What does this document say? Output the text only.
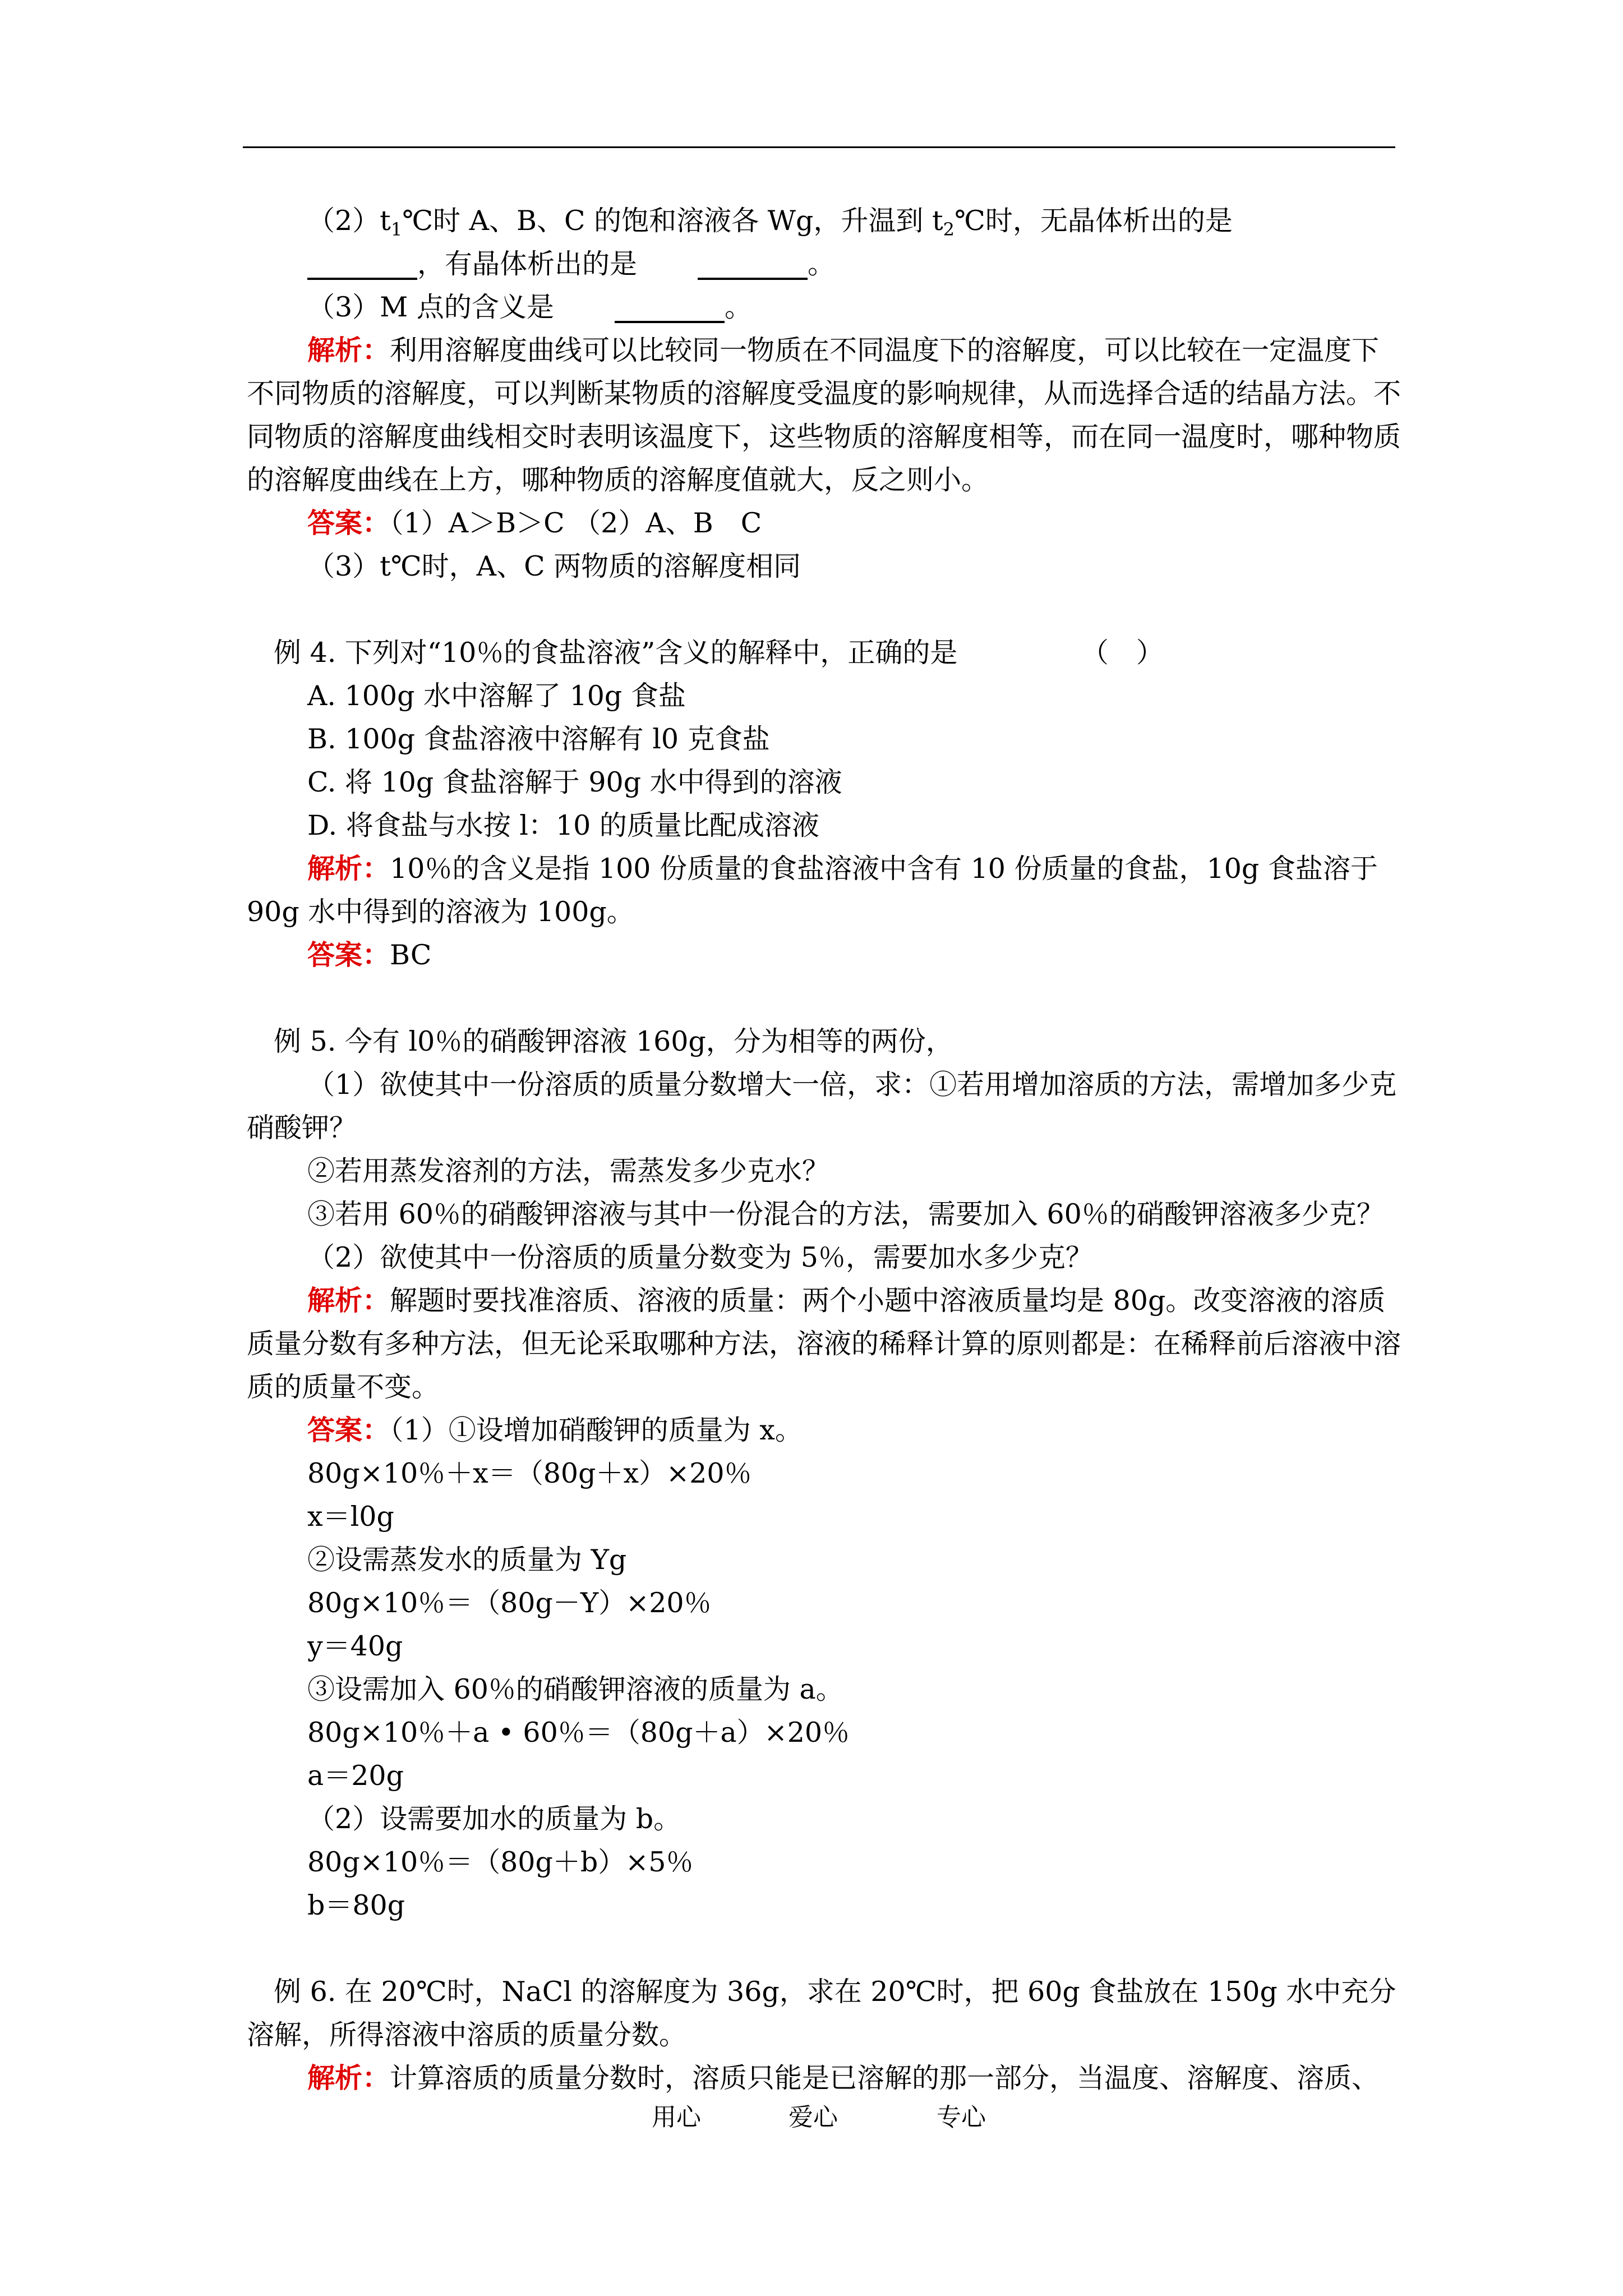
$(2)t_1℃$时 A、B、C 的饱和溶液各 Wg，升温到 $t_2℃$时，无晶体析出的是________，有晶体析出的是 ________。

（3）M 点的含义是 ________。

解析：利用溶解度曲线可以比较同一物质在不同温度下的溶解度，可以比较在一定温度下不同物质的溶解度，可以判断某物质的溶解度受温度的影响规律，从而选择合适的结晶方法。不同物质的溶解度曲线相交时表明该温度下，这些物质的溶解度相等，而在同一温度时，哪种物质的溶解度曲线在上方，哪种物质的溶解度值就大，反之则小。

答案：（1）A＞B＞C （2）A、B　C

（3）t℃时，A、C 两物质的溶解度相同

例 4. 下列对“10％的食盐溶液”含义的解释中，正确的是　　　　　（　）

A. 100g 水中溶解了 10g 食盐

B. 100g 食盐溶液中溶解有 l0 克食盐

C. 将 10g 食盐溶解于 90g 水中得到的溶液

D. 将食盐与水按 l：10 的质量比配成溶液

解析：10％的含义是指 100 份质量的食盐溶液中含有 10 份质量的食盐，10g 食盐溶于 90g 水中得到的溶液为 100g。

答案：BC

例 5. 今有 l0％的硝酸钾溶液 160g，分为相等的两份，

（1）欲使其中一份溶质的质量分数增大一倍，求：①若用增加溶质的方法，需增加多少克硝酸钾？

②若用蒸发溶剂的方法，需蒸发多少克水？

③若用 60％的硝酸钾溶液与其中一份混合的方法，需要加入 60％的硝酸钾溶液多少克？

（2）欲使其中一份溶质的质量分数变为 5％，需要加水多少克？

解析：解题时要找准溶质、溶液的质量：两个小题中溶液质量均是 80g。改变溶液的溶质质量分数有多种方法，但无论采取哪种方法，溶液的稀释计算的原则都是：在稀释前后溶液中溶质的质量不变。

答案：（1）①设增加硝酸钾的质量为 x。

80g×10％＋x＝（80g＋x）×20％

x＝l0g

②设需蒸发水的质量为 Yg

80g×10％＝（80g－Y）×20％

y＝40g

③设需加入 60％的硝酸钾溶液的质量为 a。

80g×10％＋a • 60％＝（80g＋a）×20％

a＝20g

（2）设需要加水的质量为 b。

80g×10％＝（80g＋b）×5％

b＝80g

例 6. 在 20℃时，NaCl 的溶解度为 36g，求在 20℃时，把 60g 食盐放在 150g 水中充分溶解，所得溶液中溶质的质量分数。

解析：计算溶质的质量分数时，溶质只能是已溶解的那一部分，当温度、溶解度、溶质、

用心	爱心	专心
